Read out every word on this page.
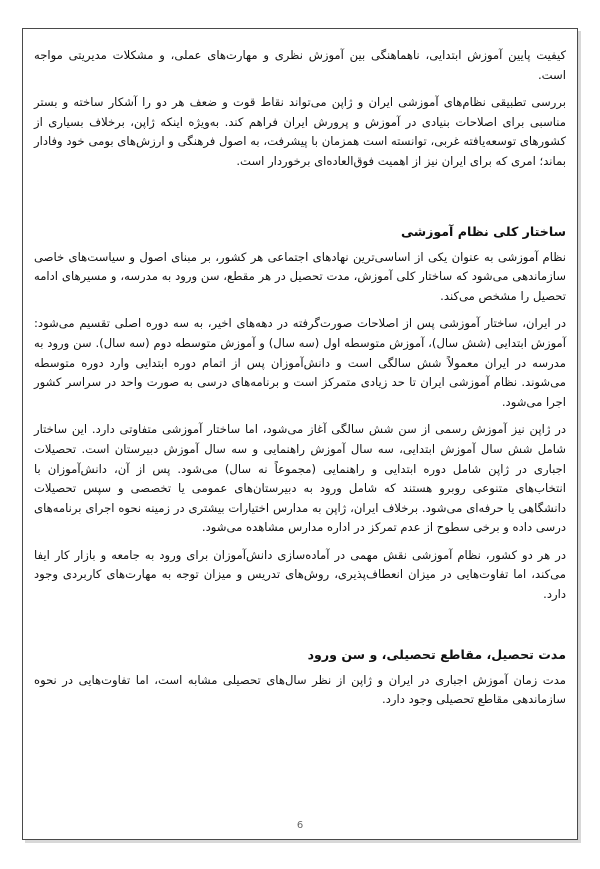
کیفیت پایین آموزش ابتدایی، ناهماهنگی بین آموزش نظری و مهارت‌های عملی، و مشکلات مدیریتی مواجه است.

بررسی تطبیقی نظام‌های آموزشی ایران و ژاپن می‌تواند نقاط قوت و ضعف هر دو را آشکار ساخته و بستر مناسبی برای اصلاحات بنیادی در آموزش و پرورش ایران فراهم کند. به‌ویژه اینکه ژاپن، برخلاف بسیاری از کشورهای توسعه‌یافته غربی، توانسته است همزمان با پیشرفت، به اصول فرهنگی و ارزش‌های بومی خود وفادار بماند؛ امری که برای ایران نیز از اهمیت فوق‌العاده‌ای برخوردار است.

ساختار کلی نظام آموزشی

نظام آموزشی به عنوان یکی از اساسی‌ترین نهادهای اجتماعی هر کشور، بر مبنای اصول و سیاست‌های خاصی سازماندهی می‌شود که ساختار کلی آموزش، مدت تحصیل در هر مقطع، سن ورود به مدرسه، و مسیرهای ادامه تحصیل را مشخص می‌کند.

در ایران، ساختار آموزشی پس از اصلاحات صورت‌گرفته در دهه‌های اخیر، به سه دوره اصلی تقسیم می‌شود: آموزش ابتدایی (شش سال)، آموزش متوسطه اول (سه سال) و آموزش متوسطه دوم (سه سال). سن ورود به مدرسه در ایران معمولاً شش سالگی است و دانش‌آموزان پس از اتمام دوره ابتدایی وارد دوره متوسطه می‌شوند. نظام آموزشی ایران تا حد زیادی متمرکز است و برنامه‌های درسی به صورت واحد در سراسر کشور اجرا می‌شود.

در ژاپن نیز آموزش رسمی از سن شش سالگی آغاز می‌شود، اما ساختار آموزشی متفاوتی دارد. این ساختار شامل شش سال آموزش ابتدایی، سه سال آموزش راهنمایی و سه سال آموزش دبیرستان است. تحصیلات اجباری در ژاپن شامل دوره ابتدایی و راهنمایی (مجموعاً نه سال) می‌شود. پس از آن، دانش‌آموزان با انتخاب‌های متنوعی روبرو هستند که شامل ورود به دبیرستان‌های عمومی یا تخصصی و سپس تحصیلات دانشگاهی یا حرفه‌ای می‌شود. برخلاف ایران، ژاپن به مدارس اختیارات بیشتری در زمینه نحوه اجرای برنامه‌های درسی داده و برخی سطوح از عدم تمرکز در اداره مدارس مشاهده می‌شود.

در هر دو کشور، نظام آموزشی نقش مهمی در آماده‌سازی دانش‌آموزان برای ورود به جامعه و بازار کار ایفا می‌کند، اما تفاوت‌هایی در میزان انعطاف‌پذیری، روش‌های تدریس و میزان توجه به مهارت‌های کاربردی وجود دارد.

مدت تحصیل، مقاطع تحصیلی، و سن ورود

مدت زمان آموزش اجباری در ایران و ژاپن از نظر سال‌های تحصیلی مشابه است، اما تفاوت‌هایی در نحوه سازماندهی مقاطع تحصیلی وجود دارد.

6
